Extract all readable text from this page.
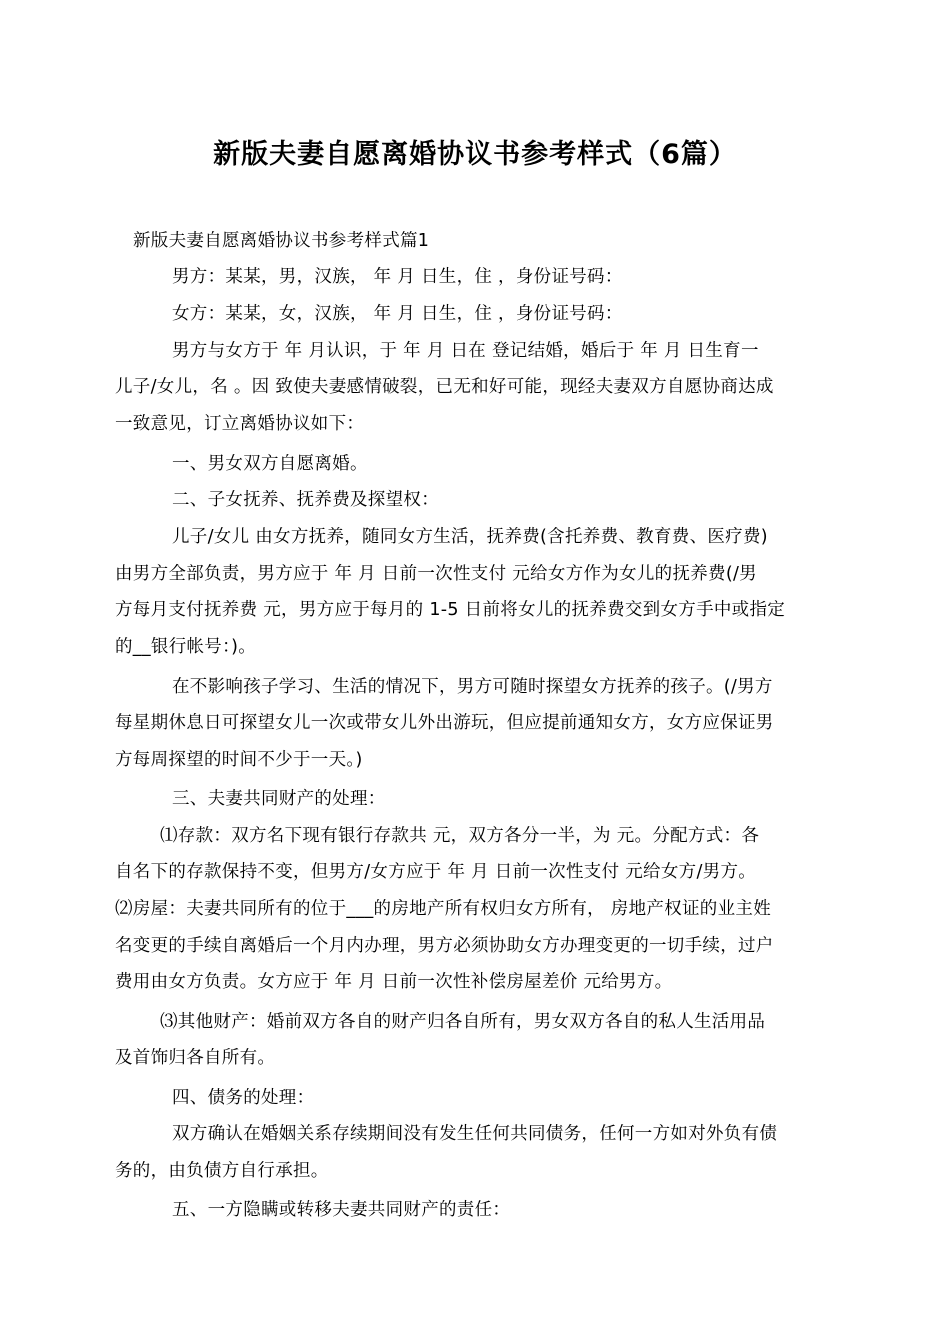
新版夫妻自愿离婚协议书参考样式（6篇）
新版夫妻自愿离婚协议书参考样式篇1
男方：某某，男，汉族， 年 月 日生，住 ，身份证号码：
女方：某某，女，汉族， 年 月 日生，住 ，身份证号码：
男方与女方于 年 月认识，于 年 月 日在 登记结婚，婚后于 年 月 日生育一
儿子/女儿，名 。因 致使夫妻感情破裂，已无和好可能，现经夫妻双方自愿协商达成
一致意见，订立离婚协议如下：
一、男女双方自愿离婚。
二、子女抚养、抚养费及探望权：
儿子/女儿 由女方抚养，随同女方生活，抚养费(含托养费、教育费、医疗费)
由男方全部负责，男方应于 年 月 日前一次性支付 元给女方作为女儿的抚养费(/男
方每月支付抚养费 元，男方应于每月的 1-5 日前将女儿的抚养费交到女方手中或指定
的__银行帐号：)。
在不影响孩子学习、生活的情况下，男方可随时探望女方抚养的孩子。(/男方
每星期休息日可探望女儿一次或带女儿外出游玩，但应提前通知女方，女方应保证男
方每周探望的时间不少于一天。)
三、夫妻共同财产的处理：
⑴存款：双方名下现有银行存款共 元，双方各分一半，为 元。分配方式：各
自名下的存款保持不变，但男方/女方应于 年 月 日前一次性支付 元给女方/男方。
⑵房屋：夫妻共同所有的位于___的房地产所有权归女方所有， 房地产权证的业主姓
名变更的手续自离婚后一个月内办理，男方必须协助女方办理变更的一切手续，过户
费用由女方负责。女方应于 年 月 日前一次性补偿房屋差价 元给男方。
⑶其他财产：婚前双方各自的财产归各自所有，男女双方各自的私人生活用品
及首饰归各自所有。
四、债务的处理：
双方确认在婚姻关系存续期间没有发生任何共同债务，任何一方如对外负有债
务的，由负债方自行承担。
五、一方隐瞒或转移夫妻共同财产的责任：
